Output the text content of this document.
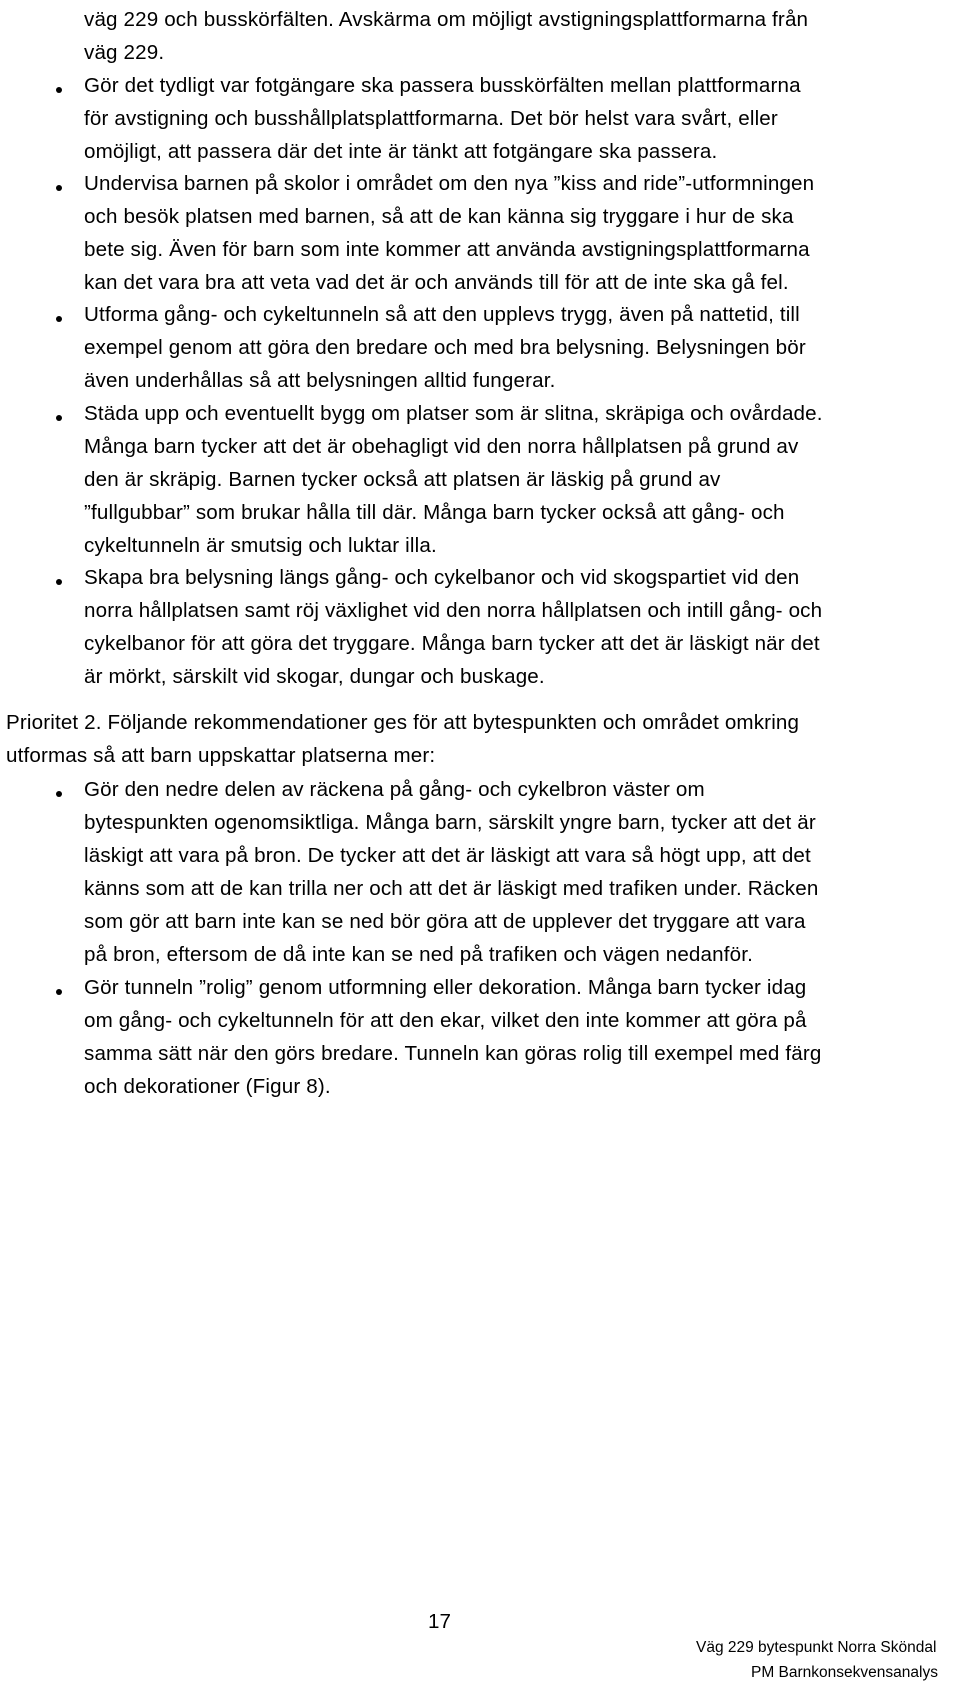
väg 229 och busskörfälten. Avskärma om möjligt avstigningsplattformarna från
väg 229.
Gör det tydligt var fotgängare ska passera busskörfälten mellan plattformarna
för avstigning och busshållplatsplattformarna. Det bör helst vara svårt, eller
omöjligt, att passera där det inte är tänkt att fotgängare ska passera.
Undervisa barnen på skolor i området om den nya ”kiss and ride”-utformningen
och besök platsen med barnen, så att de kan känna sig tryggare i hur de ska
bete sig. Även för barn som inte kommer att använda avstigningsplattformarna
kan det vara bra att veta vad det är och används till för att de inte ska gå fel.
Utforma gång- och cykeltunneln så att den upplevs trygg, även på nattetid, till
exempel genom att göra den bredare och med bra belysning. Belysningen bör
även underhållas så att belysningen alltid fungerar.
Städa upp och eventuellt bygg om platser som är slitna, skräpiga och ovårdade.
Många barn tycker att det är obehagligt vid den norra hållplatsen på grund av
den är skräpig. Barnen tycker också att platsen är läskig på grund av
”fullgubbar” som brukar hålla till där. Många barn tycker också att gång- och
cykeltunneln är smutsig och luktar illa.
Skapa bra belysning längs gång- och cykelbanor och vid skogspartiet vid den
norra hållplatsen samt röj växlighet vid den norra hållplatsen och intill gång- och
cykelbanor för att göra det tryggare. Många barn tycker att det är läskigt när det
är mörkt, särskilt vid skogar, dungar och buskage.
Prioritet 2. Följande rekommendationer ges för att bytespunkten och området omkring
utformas så att barn uppskattar platserna mer:
Gör den nedre delen av räckena på gång- och cykelbron väster om
bytespunkten ogenomsiktliga. Många barn, särskilt yngre barn, tycker att det är
läskigt att vara på bron. De tycker att det är läskigt att vara så högt upp, att det
känns som att de kan trilla ner och att det är läskigt med trafiken under. Räcken
som gör att barn inte kan se ned bör göra att de upplever det tryggare att vara
på bron, eftersom de då inte kan se ned på trafiken och vägen nedanför.
Gör tunneln ”rolig” genom utformning eller dekoration. Många barn tycker idag
om gång- och cykeltunneln för att den ekar, vilket den inte kommer att göra på
samma sätt när den görs bredare. Tunneln kan göras rolig till exempel med färg
och dekorationer (Figur 8).
17
Väg 229 bytespunkt Norra Sköndal
PM Barnkonsekvensanalys
